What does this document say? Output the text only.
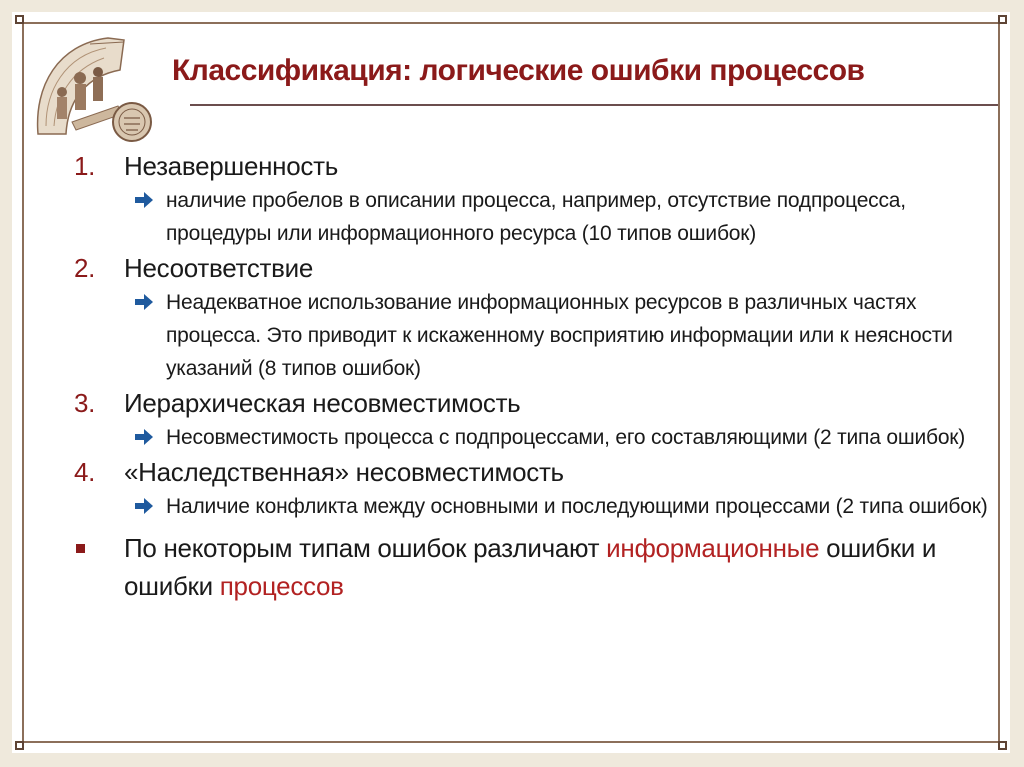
Классификация: логические ошибки процессов
1.	Незавершенность
наличие пробелов в описании процесса, например, отсутствие подпроцесса, процедуры или информационного ресурса (10 типов ошибок)
2.	Несоответствие
Неадекватное использование информационных ресурсов в различных частях процесса. Это приводит к искаженному восприятию информации или к неясности указаний (8 типов ошибок)
3.	Иерархическая несовместимость
Несовместимость процесса с подпроцессами, его составляющими (2 типа ошибок)
4.	«Наследственная» несовместимость
Наличие конфликта между основными и последующими процессами (2 типа ошибок)
По некоторым типам ошибок различают информационные ошибки и ошибки процессов
